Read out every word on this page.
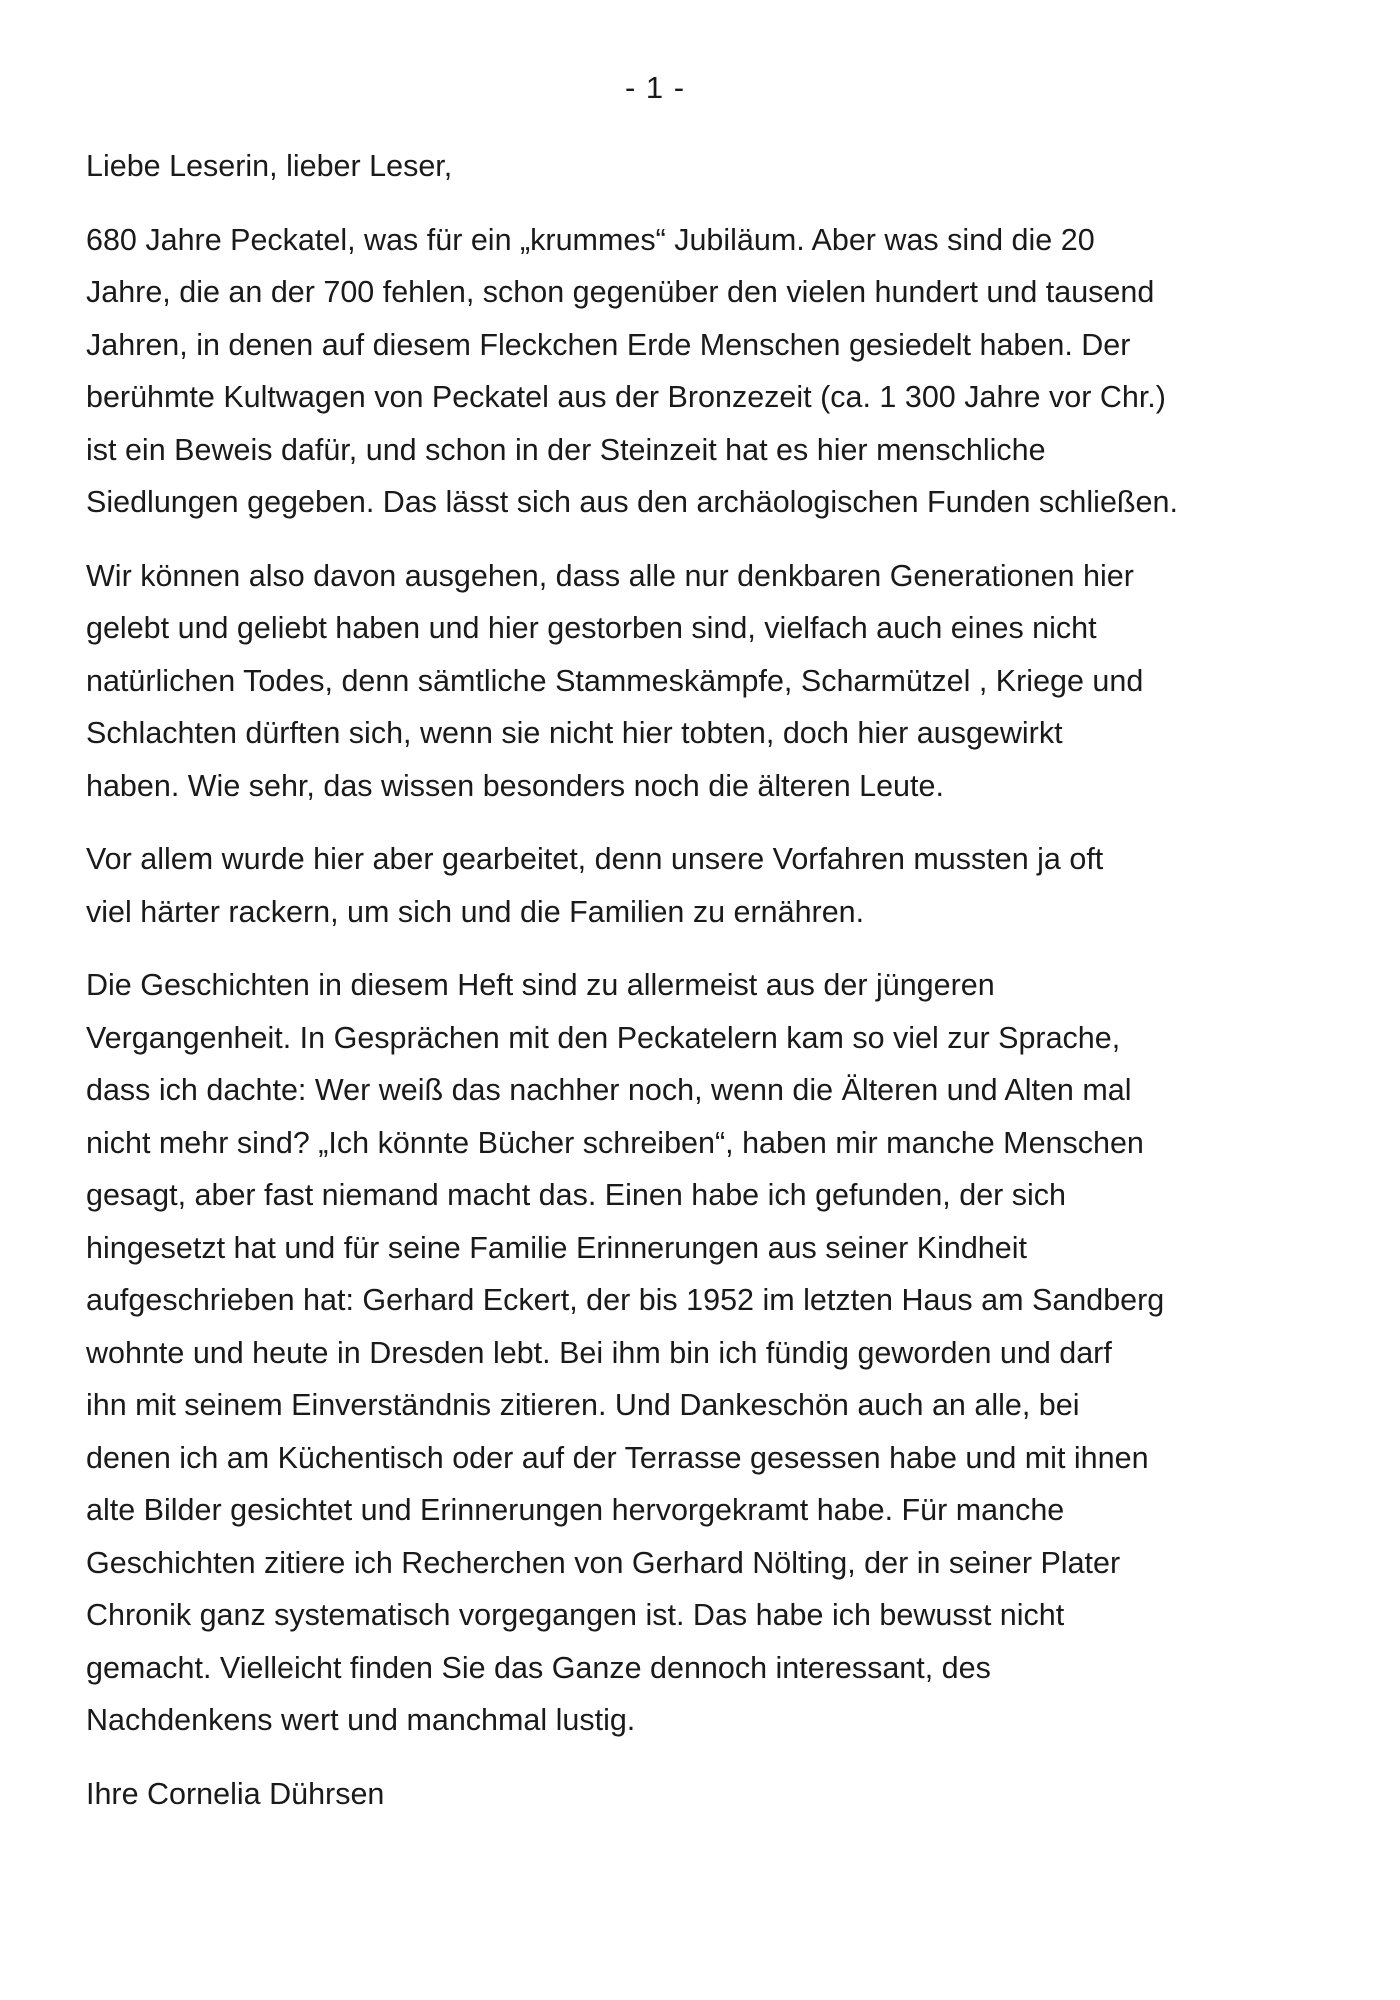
- 1 -

Liebe Leserin, lieber Leser,

680 Jahre Peckatel, was für ein „krummes“ Jubiläum. Aber was sind die 20
Jahre, die an der 700 fehlen, schon gegenüber den vielen hundert und tausend
Jahren, in denen auf diesem Fleckchen Erde Menschen gesiedelt haben. Der
berühmte Kultwagen von Peckatel aus der Bronzezeit (ca. 1 300 Jahre vor Chr.)
ist ein Beweis dafür, und schon in der Steinzeit hat es hier menschliche
Siedlungen gegeben. Das lässt sich aus den archäologischen Funden schließen.

Wir können also davon ausgehen, dass alle nur denkbaren Generationen hier
gelebt und geliebt haben und hier gestorben sind, vielfach auch eines nicht
natürlichen Todes, denn sämtliche Stammeskämpfe, Scharmützel , Kriege und
Schlachten dürften sich, wenn sie nicht hier tobten, doch hier ausgewirkt
haben. Wie sehr, das wissen besonders noch die älteren Leute.

Vor allem wurde hier aber gearbeitet, denn unsere Vorfahren mussten ja oft
viel härter rackern, um sich und die Familien zu ernähren.

Die Geschichten in diesem Heft sind zu allermeist aus der jüngeren
Vergangenheit. In Gesprächen mit den Peckatelern kam so viel zur Sprache,
dass ich dachte: Wer weiß das nachher noch, wenn die Älteren und Alten mal
nicht mehr sind? „Ich könnte Bücher schreiben“, haben mir manche Menschen
gesagt, aber fast niemand macht das. Einen habe ich gefunden, der sich
hingesetzt hat und für seine Familie Erinnerungen aus seiner Kindheit
aufgeschrieben hat: Gerhard Eckert, der bis 1952 im letzten Haus am Sandberg
wohnte und heute in Dresden lebt. Bei ihm bin ich fündig geworden und darf
ihn mit seinem Einverständnis zitieren. Und Dankeschön auch an alle, bei
denen ich am Küchentisch oder auf der Terrasse gesessen habe und mit ihnen
alte Bilder gesichtet und Erinnerungen hervorgekramt habe. Für manche
Geschichten zitiere ich Recherchen von Gerhard Nölting, der in seiner Plater
Chronik ganz systematisch vorgegangen ist. Das habe ich bewusst nicht
gemacht. Vielleicht finden Sie das Ganze dennoch interessant, des
Nachdenkens wert und manchmal lustig.

Ihre Cornelia Dührsen
